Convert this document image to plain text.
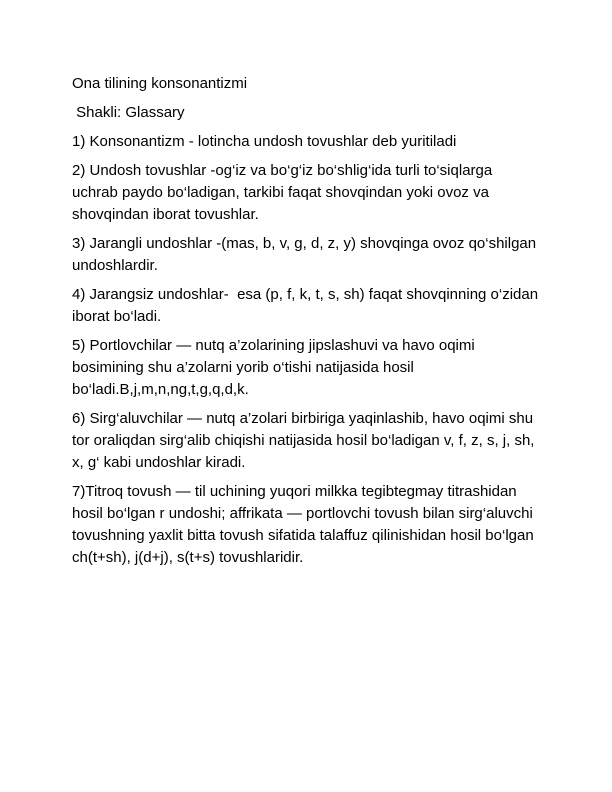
Ona tilining konsonantizmi

Shakli: Glassary

1) Konsonantizm - lotincha undosh tovushlar deb yuritiladi

2) Undosh tovushlar -og‘iz va bo‘g‘iz bo‘shlig‘ida turli to‘siqlarga uchrab paydo bo‘ladigan, tarkibi faqat shovqindan yoki ovoz va shovqindan iborat tovushlar.

3) Jarangli undoshlar -(mas, b, v, g, d, z, y) shovqinga ovoz qo‘shilgan undoshlardir.

4) Jarangsiz undoshlar-  esa (p, f, k, t, s, sh) faqat shovqinning o‘zidan iborat bo‘ladi.

5) Portlovchilar — nutq a’zolarining jipslashuvi va havo oqimi bosimining shu a’zolarni yorib o‘tishi natijasida hosil bo‘ladi.B,j,m,n,ng,t,g,q,d,k.

6) Sirg‘aluvchilar — nutq a’zolari birbiriga yaqinlashib, havo oqimi shu tor oraliqdan sirg‘alib chiqishi natijasida hosil bo‘ladigan v, f, z, s, j, sh, x, g‘ kabi undoshlar kiradi.

7)Titroq tovush — til uchining yuqori milkka tegibtegmay titrashidan hosil bo‘lgan r undoshi; affrikata — portlovchi tovush bilan sirg‘aluvchi tovushning yaxlit bitta tovush sifatida talaffuz qilinishidan hosil bo‘lgan ch(t+sh), j(d+j), s(t+s) tovushlaridir.
